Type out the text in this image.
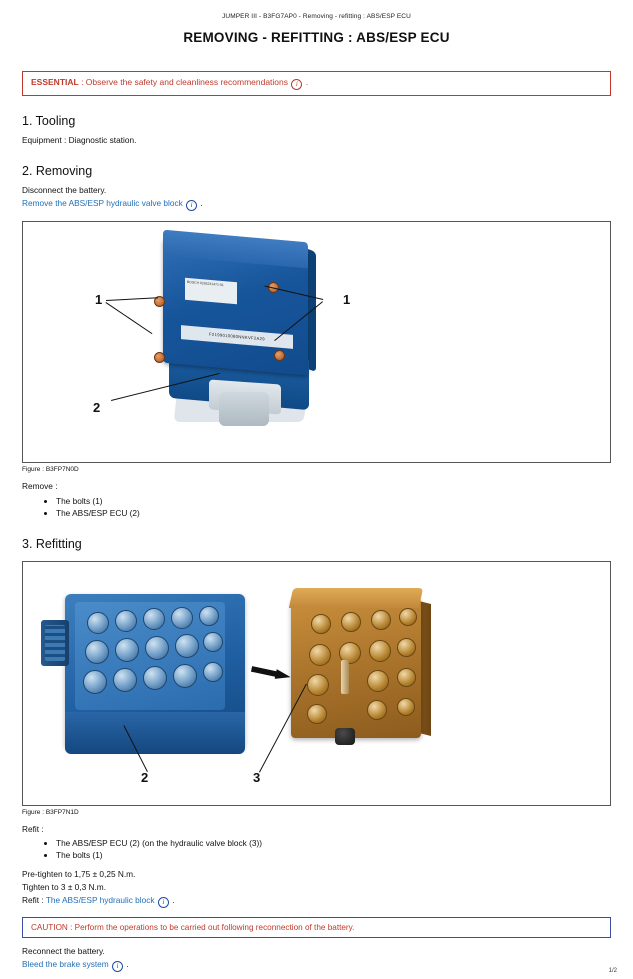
JUMPER III - B3FG7AP0 - Removing - refitting : ABS/ESP ECU
REMOVING - REFITTING : ABS/ESP ECU
ESSENTIAL : Observe the safety and cleanliness recommendations i .
1. Tooling

Equipment : Diagnostic station.

2. Removing

Disconnect the battery.

Remove the ABS/ESP hydraulic valve block i .

BOSCH 0265231471-01
F2199010080NNKVF2A29
1	1
2
Figure : B3FP7N0D

Remove :

• The bolts (1)
• The ABS/ESP ECU (2)
3. Refitting
2	3
Figure : B3FP7N1D

Refit :

• The ABS/ESP ECU (2) (on the hydraulic valve block (3))
• The bolts (1)

Pre-tighten to 1,75 ± 0,25 N.m.

Tighten to 3 ± 0,3 N.m.

Refit : The ABS/ESP hydraulic block i .

CAUTION : Perform the operations to be carried out following reconnection of the battery.

Reconnect the battery.

Bleed the brake system i .

1/2
